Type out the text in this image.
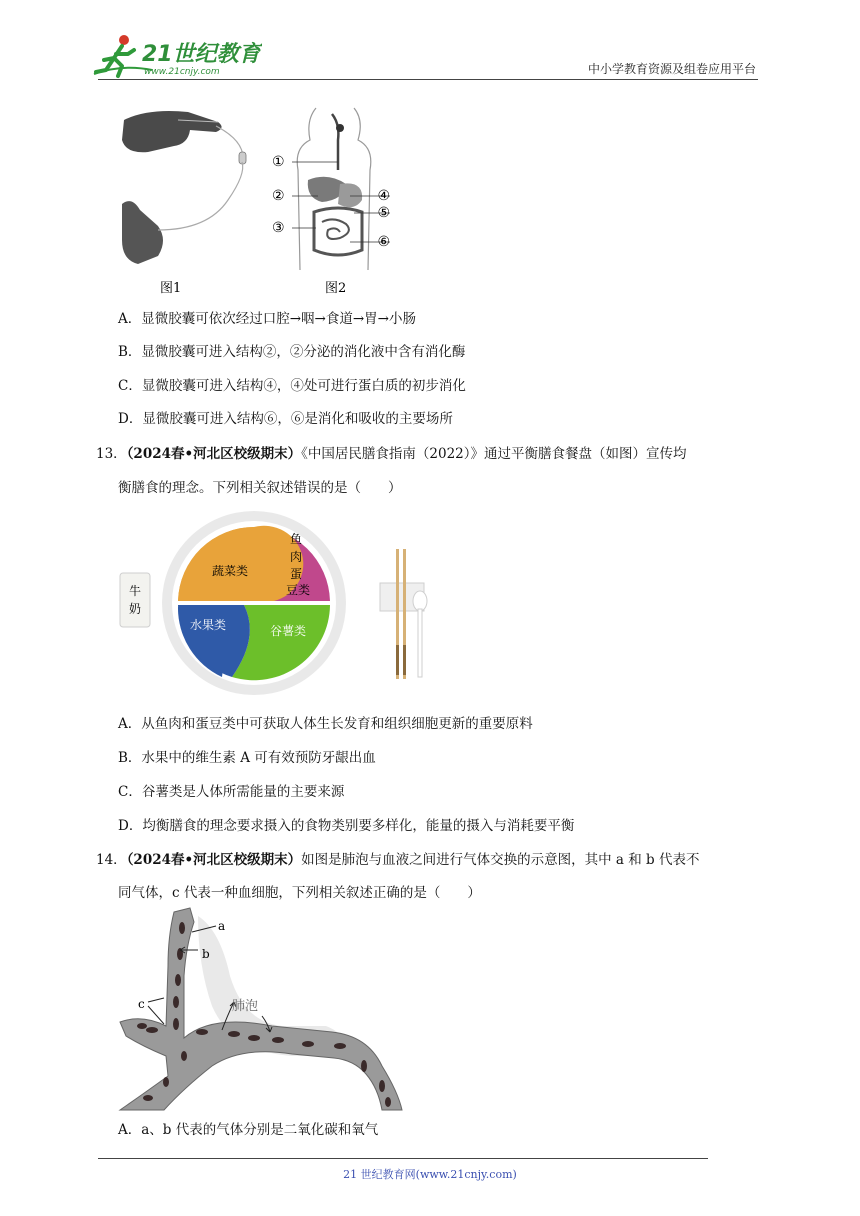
21世纪教育
www.21cnjy.com	中小学教育资源及组卷应用平台
图1
①
②
③
④
⑤
⑥
图2
A．显微胶囊可依次经过口腔→咽→食道→胃→小肠
B．显微胶囊可进入结构②，②分泌的消化液中含有消化酶
C．显微胶囊可进入结构④，④处可进行蛋白质的初步消化
D．显微胶囊可进入结构⑥，⑥是消化和吸收的主要场所
13．（2024春•河北区校级期末）《中国居民膳食指南（2022）》通过平衡膳食餐盘（如图）宣传均
衡膳食的理念。下列相关叙述错误的是（　　）
牛
奶
蔬菜类
鱼
肉
蛋
豆类
水果类	谷薯类
A．从鱼肉和蛋豆类中可获取人体生长发育和组织细胞更新的重要原料
B．水果中的维生素 A 可有效预防牙龈出血
C．谷薯类是人体所需能量的主要来源
D．均衡膳食的理念要求摄入的食物类别要多样化，能量的摄入与消耗要平衡
14．（2024春•河北区校级期末）如图是肺泡与血液之间进行气体交换的示意图，其中 a 和 b 代表不
同气体，c 代表一种血细胞，下列相关叙述正确的是（　　）
a
b
c	肺泡
A．a、b 代表的气体分别是二氧化碳和氧气
21 世纪教育网(www.21cnjy.com)
